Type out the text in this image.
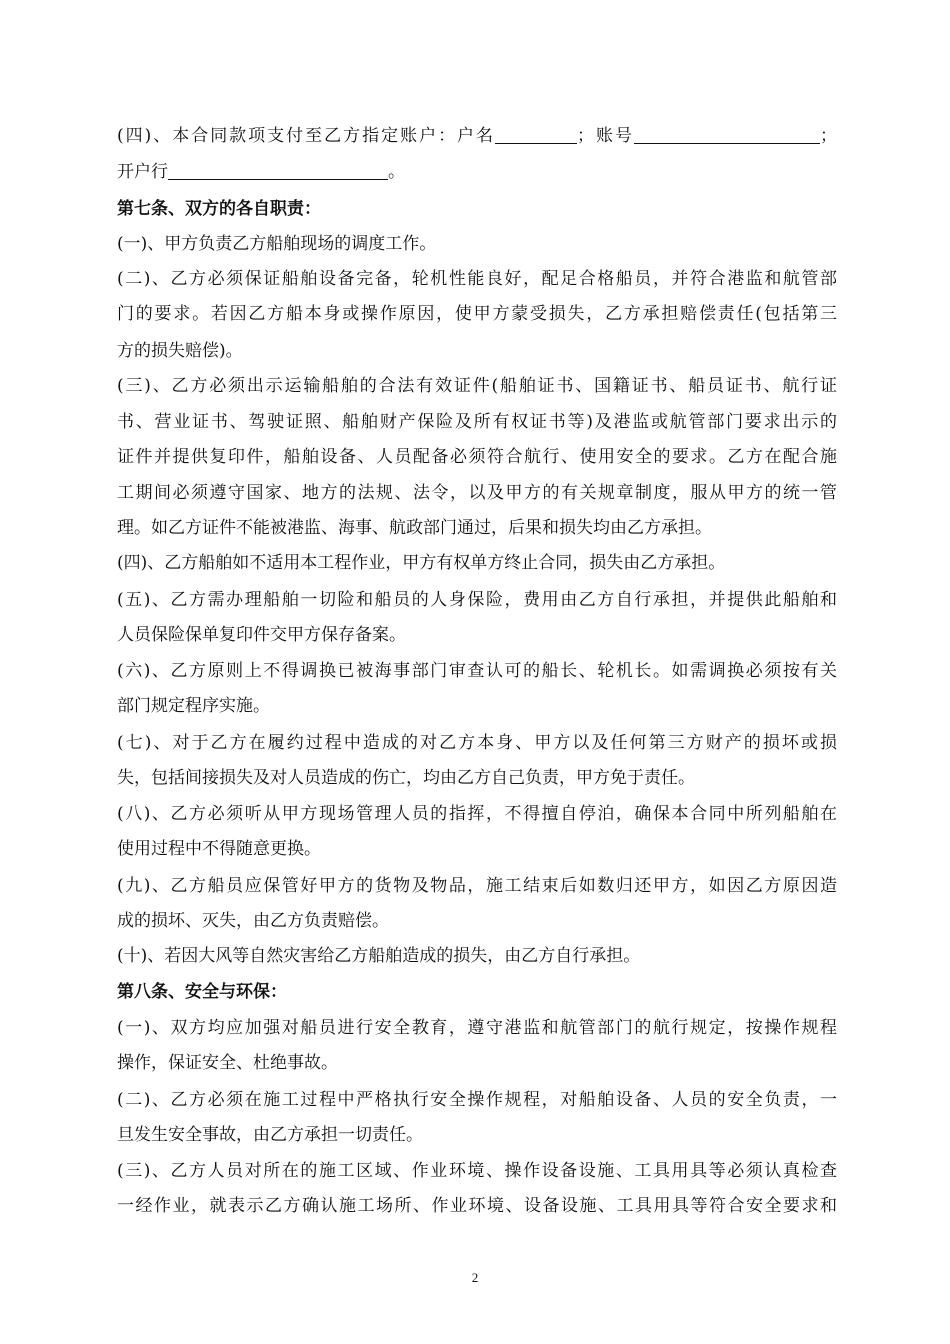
(四)、本合同款项支付至乙方指定账户：户名	；账号	；
开户行	。
第七条、双方的各自职责：
(一)、甲方负责乙方船舶现场的调度工作。
(二)、乙方必须保证船舶设备完备，轮机性能良好，配足合格船员，并符合港监和航管部
门的要求。若因乙方船本身或操作原因，使甲方蒙受损失，乙方承担赔偿责任(包括第三
方的损失赔偿)。
(三)、乙方必须出示运输船舶的合法有效证件(船舶证书、国籍证书、船员证书、航行证
书、营业证书、驾驶证照、船舶财产保险及所有权证书等)及港监或航管部门要求出示的
证件并提供复印件，船舶设备、人员配备必须符合航行、使用安全的要求。乙方在配合施
工期间必须遵守国家、地方的法规、法令，以及甲方的有关规章制度，服从甲方的统一管
理。如乙方证件不能被港监、海事、航政部门通过，后果和损失均由乙方承担。
(四)、乙方船舶如不适用本工程作业，甲方有权单方终止合同，损失由乙方承担。
(五)、乙方需办理船舶一切险和船员的人身保险，费用由乙方自行承担，并提供此船舶和
人员保险保单复印件交甲方保存备案。
(六)、乙方原则上不得调换已被海事部门审查认可的船长、轮机长。如需调换必须按有关
部门规定程序实施。
(七)、对于乙方在履约过程中造成的对乙方本身、甲方以及任何第三方财产的损坏或损
失，包括间接损失及对人员造成的伤亡，均由乙方自己负责，甲方免于责任。
(八)、乙方必须听从甲方现场管理人员的指挥，不得擅自停泊，确保本合同中所列船舶在
使用过程中不得随意更换。
(九)、乙方船员应保管好甲方的货物及物品，施工结束后如数归还甲方，如因乙方原因造
成的损坏、灭失，由乙方负责赔偿。
(十)、若因大风等自然灾害给乙方船舶造成的损失，由乙方自行承担。
第八条、安全与环保：
(一)、双方均应加强对船员进行安全教育，遵守港监和航管部门的航行规定，按操作规程
操作，保证安全、杜绝事故。
(二)、乙方必须在施工过程中严格执行安全操作规程，对船舶设备、人员的安全负责，一
旦发生安全事故，由乙方承担一切责任。
(三)、乙方人员对所在的施工区域、作业环境、操作设备设施、工具用具等必须认真检查
一经作业，就表示乙方确认施工场所、作业环境、设备设施、工具用具等符合安全要求和
2
